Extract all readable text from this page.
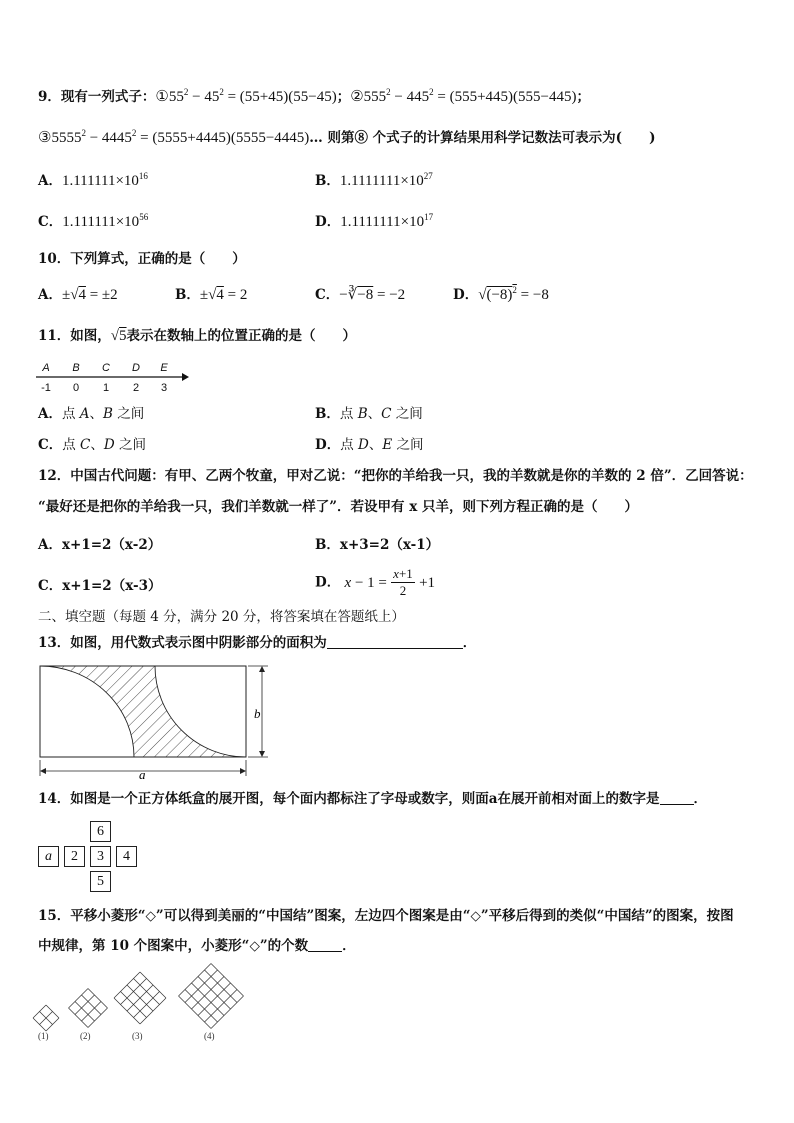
9．现有一列式子：$①55^2 - 45^2 = (55+45)(55-45)$；$②555^2 - 445^2 = (555+445)(555-445)$；
$③5555^2 - 4445^2$ = (5555+4445)(5555−4445)… 则第⑧ 个式子的计算结果用科学记数法可表示为(　　)
A．$1.111111\times 10^{16}$	B．$1.1111111\times 10^{27}$
C．$1.111111\times 10^{56}$	D．$1.1111111\times 10^{17}$
10．下列算式，正确的是（　　）
A．±√4 = ±2	B．±√4 = 2	C．−∛−8 = −2	D．$√(-8)^2 = -8$
11．如图，√5表示在数轴上的位置正确的是（　　）
A B C D E
-1 0 1 2 3
A．点 A、B 之间	B．点 B、C 之间
C．点 C、D 之间	D．点 D、E 之间
12．中国古代问题：有甲、乙两个牧童，甲对乙说：“把你的羊给我一只，我的羊数就是你的羊数的 2 倍”．乙回答说：
“最好还是把你的羊给我一只，我们羊数就一样了”．若设甲有 x 只羊，则下列方程正确的是（　　）
A．x+1=2（x-2）	B．x+3=2（x-1）
C．x+1=2（x-3）	D． $x - 1 = \frac{x+1}{2} +1$
二、填空题（每题 4 分，满分 20 分，将答案填在答题纸上）
13．如图，用代数式表示图中阴影部分的面积为	．
b
a
14．如图是一个正方体纸盒的展开图，每个面内都标注了字母或数字，则面a在展开前相对面上的数字是	．
6
a	2	3	4
5
15．平移小菱形“◇”可以得到美丽的“中国结”图案，左边四个图案是由“◇”平移后得到的类似“中国结”的图案，按图
中规律，第 10 个图案中，小菱形“◇”的个数	．
(1)	(2)	(3)	(4)
